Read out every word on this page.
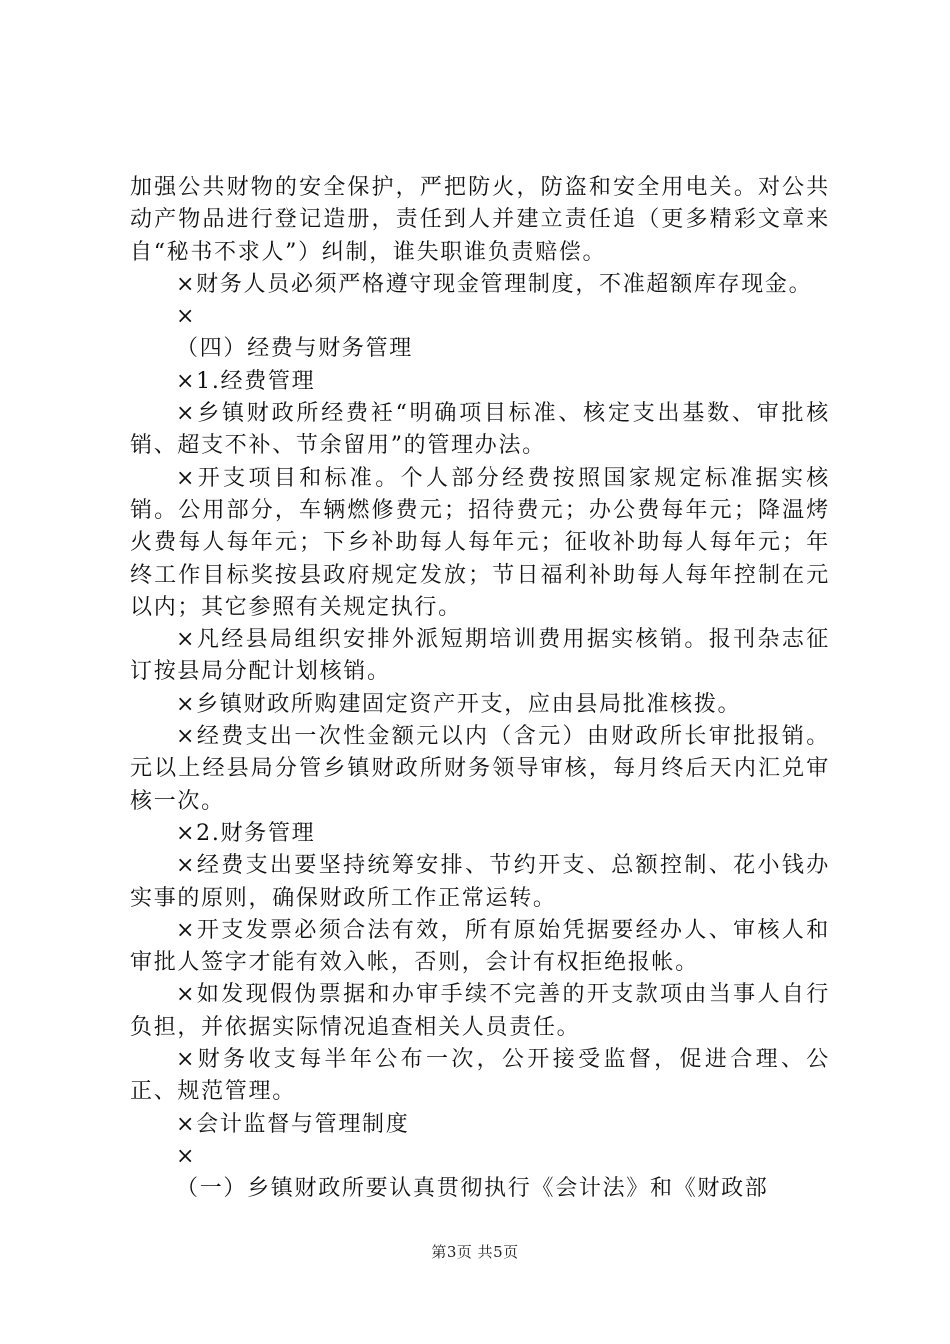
加强公共财物的安全保护，严把防火，防盗和安全用电关。对公共动产物品进行登记造册，责任到人并建立责任追（更多精彩文章来自“秘书不求人”）纠制，谁失职谁负责赔偿。

×财务人员必须严格遵守现金管理制度，不准超额库存现金。

×

（四）经费与财务管理

×1.经费管理

×乡镇财政所经费衽“明确项目标准、核定支出基数、审批核销、超支不补、节余留用”的管理办法。

×开支项目和标准。个人部分经费按照国家规定标准据实核销。公用部分，车辆燃修费元；招待费元；办公费每年元；降温烤火费每人每年元；下乡补助每人每年元；征收补助每人每年元；年终工作目标奖按县政府规定发放；节日福利补助每人每年控制在元以内；其它参照有关规定执行。

×凡经县局组织安排外派短期培训费用据实核销。报刊杂志征订按县局分配计划核销。

×乡镇财政所购建固定资产开支，应由县局批准核拨。

×经费支出一次性金额元以内（含元）由财政所长审批报销。元以上经县局分管乡镇财政所财务领导审核，每月终后天内汇兑审核一次。

×2.财务管理

×经费支出要坚持统筹安排、节约开支、总额控制、花小钱办实事的原则，确保财政所工作正常运转。

×开支发票必须合法有效，所有原始凭据要经办人、审核人和审批人签字才能有效入帐，否则，会计有权拒绝报帐。

×如发现假伪票据和办审手续不完善的开支款项由当事人自行负担，并依据实际情况追查相关人员责任。

×财务收支每半年公布一次，公开接受监督，促进合理、公正、规范管理。

×会计监督与管理制度

×

（一）乡镇财政所要认真贯彻执行《会计法》和《财政部

第3页 共5页
